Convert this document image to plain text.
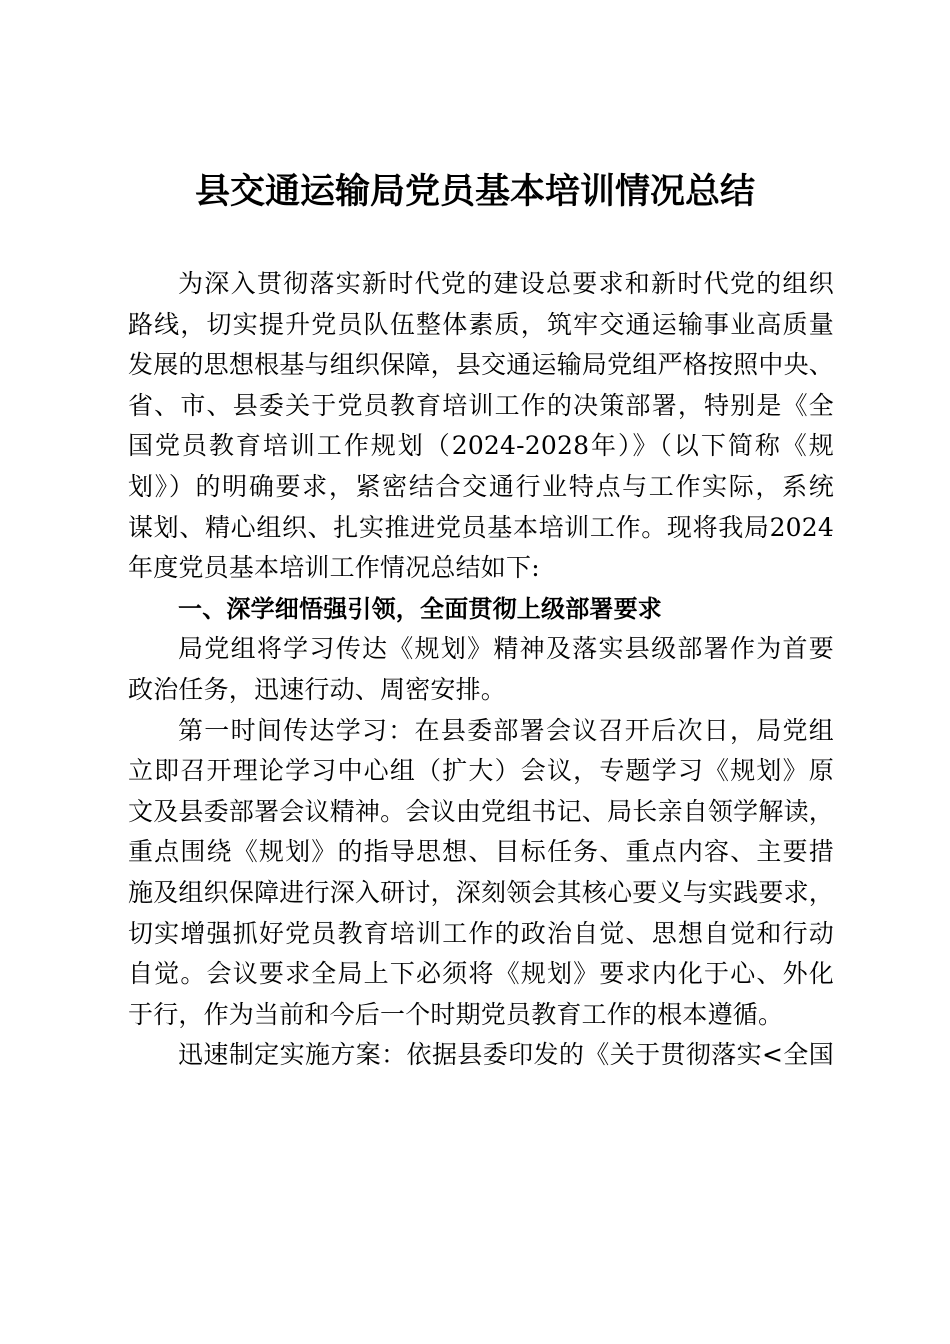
县交通运输局党员基本培训情况总结
为深入贯彻落实新时代党的建设总要求和新时代党的组织
路线，切实提升党员队伍整体素质，筑牢交通运输事业高质量
发展的思想根基与组织保障，县交通运输局党组严格按照中央、
省、市、县委关于党员教育培训工作的决策部署，特别是《全
国党员教育培训工作规划（2024-2028年）》（以下简称《规
划》）的明确要求，紧密结合交通行业特点与工作实际，系统
谋划、精心组织、扎实推进党员基本培训工作。现将我局2024
年度党员基本培训工作情况总结如下:
一、深学细悟强引领，全面贯彻上级部署要求
局党组将学习传达《规划》精神及落实县级部署作为首要
政治任务，迅速行动、周密安排。
第一时间传达学习：在县委部署会议召开后次日，局党组
立即召开理论学习中心组（扩大）会议，专题学习《规划》原
文及县委部署会议精神。会议由党组书记、局长亲自领学解读，
重点围绕《规划》的指导思想、目标任务、重点内容、主要措
施及组织保障进行深入研讨，深刻领会其核心要义与实践要求，
切实增强抓好党员教育培训工作的政治自觉、思想自觉和行动
自觉。会议要求全局上下必须将《规划》要求内化于心、外化
于行，作为当前和今后一个时期党员教育工作的根本遵循。
迅速制定实施方案：依据县委印发的《关于贯彻落实<全国
